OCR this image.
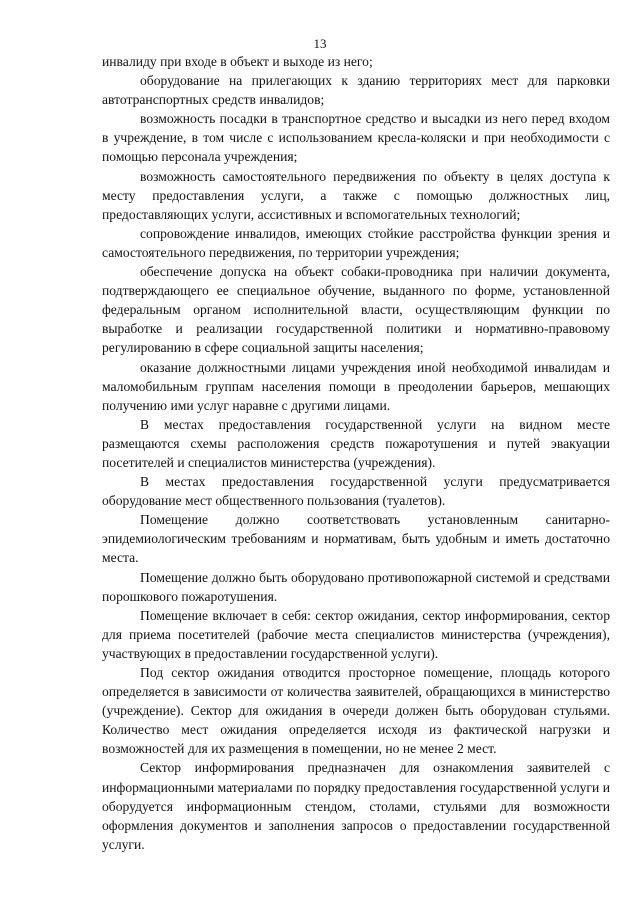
13

инвалиду при входе в объект и выходе из него;

оборудование на прилегающих к зданию территориях мест для парковки автотранспортных средств инвалидов;

возможность посадки в транспортное средство и высадки из него перед входом в учреждение, в том числе с использованием кресла-коляски и при необходимости с помощью персонала учреждения;

возможность самостоятельного передвижения по объекту в целях доступа к месту предоставления услуги, а также с помощью должностных лиц, предоставляющих услуги, ассистивных и вспомогательных технологий;

сопровождение инвалидов, имеющих стойкие расстройства функции зрения и самостоятельного передвижения, по территории учреждения;

обеспечение допуска на объект собаки-проводника при наличии документа, подтверждающего ее специальное обучение, выданного по форме, установленной федеральным органом исполнительной власти, осуществляющим функции по выработке и реализации государственной политики и нормативно-правовому регулированию в сфере социальной защиты населения;

оказание должностными лицами учреждения иной необходимой инвалидам и маломобильным группам населения помощи в преодолении барьеров, мешающих получению ими услуг наравне с другими лицами.

В местах предоставления государственной услуги на видном месте размещаются схемы расположения средств пожаротушения и путей эвакуации посетителей и специалистов министерства (учреждения).

В местах предоставления государственной услуги предусматривается оборудование мест общественного пользования (туалетов).

Помещение должно соответствовать установленным санитарно-эпидемиологическим требованиям и нормативам, быть удобным и иметь достаточно места.

Помещение должно быть оборудовано противопожарной системой и средствами порошкового пожаротушения.

Помещение включает в себя: сектор ожидания, сектор информирования, сектор для приема посетителей (рабочие места специалистов министерства (учреждения), участвующих в предоставлении государственной услуги).

Под сектор ожидания отводится просторное помещение, площадь которого определяется в зависимости от количества заявителей, обращающихся в министерство (учреждение). Сектор для ожидания в очереди должен быть оборудован стульями. Количество мест ожидания определяется исходя из фактической нагрузки и возможностей для их размещения в помещении, но не менее 2 мест.

Сектор информирования предназначен для ознакомления заявителей с информационными материалами по порядку предоставления государственной услуги и оборудуется информационным стендом, столами, стульями для возможности оформления документов и заполнения запросов о предоставлении государственной услуги.
